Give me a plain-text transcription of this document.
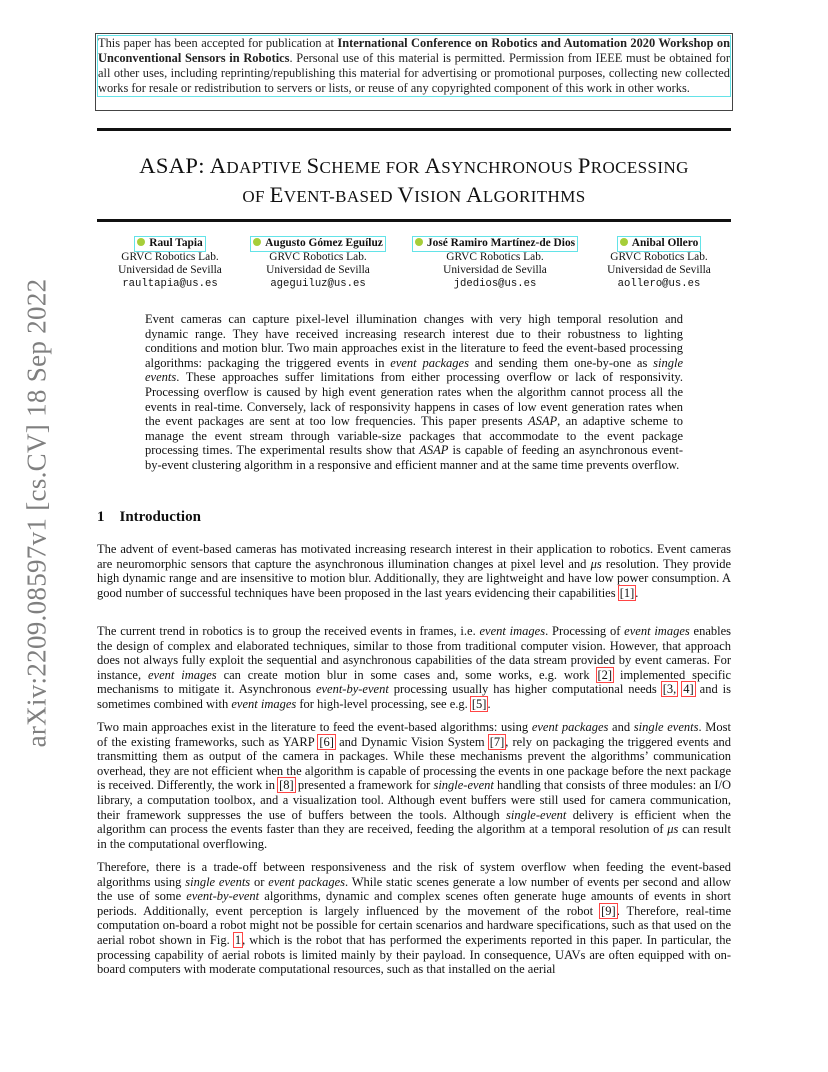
arXiv:2209.08597v1 [cs.CV] 18 Sep 2022
This paper has been accepted for publication at International Conference on Robotics and Automation 2020 Workshop on Unconventional Sensors in Robotics. Personal use of this material is permitted. Permission from IEEE must be obtained for all other uses, including reprinting/republishing this material for advertising or promotional purposes, collecting new collected works for resale or redistribution to servers or lists, or reuse of any copyrighted component of this work in other works.
ASAP: ADAPTIVE SCHEME FOR ASYNCHRONOUS PROCESSING
OF EVENT-BASED VISION ALGORITHMS
Raul Tapia
GRVC Robotics Lab.
Universidad de Sevilla
raultapia@us.es
Augusto Gómez Eguíluz
GRVC Robotics Lab.
Universidad de Sevilla
ageguiluz@us.es
José Ramiro Martínez-de Dios
GRVC Robotics Lab.
Universidad de Sevilla
jdedios@us.es
Anibal Ollero
GRVC Robotics Lab.
Universidad de Sevilla
aollero@us.es
Event cameras can capture pixel-level illumination changes with very high temporal resolution and dynamic range. They have received increasing research interest due to their robustness to lighting conditions and motion blur. Two main approaches exist in the literature to feed the event-based processing algorithms: packaging the triggered events in event packages and sending them one-by-one as single events. These approaches suffer limitations from either processing overflow or lack of responsivity. Processing overflow is caused by high event generation rates when the algorithm cannot process all the events in real-time. Conversely, lack of responsivity happens in cases of low event generation rates when the event packages are sent at too low frequencies. This paper presents ASAP, an adaptive scheme to manage the event stream through variable-size packages that accommodate to the event package processing times. The experimental results show that ASAP is capable of feeding an asynchronous event-by-event clustering algorithm in a responsive and efficient manner and at the same time prevents overflow.
1 Introduction
The advent of event-based cameras has motivated increasing research interest in their application to robotics. Event cameras are neuromorphic sensors that capture the asynchronous illumination changes at pixel level and μs resolution. They provide high dynamic range and are insensitive to motion blur. Additionally, they are lightweight and have low power consumption. A good number of successful techniques have been proposed in the last years evidencing their capabilities [1].
The current trend in robotics is to group the received events in frames, i.e. event images. Processing of event images enables the design of complex and elaborated techniques, similar to those from traditional computer vision. However, that approach does not always fully exploit the sequential and asynchronous capabilities of the data stream provided by event cameras. For instance, event images can create motion blur in some cases and, some works, e.g. work [2] implemented specific mechanisms to mitigate it. Asynchronous event-by-event processing usually has higher computational needs [3, 4] and is sometimes combined with event images for high-level processing, see e.g. [5].
Two main approaches exist in the literature to feed the event-based algorithms: using event packages and single events. Most of the existing frameworks, such as YARP [6] and Dynamic Vision System [7], rely on packaging the triggered events and transmitting them as output of the camera in packages. While these mechanisms prevent the algorithms’ communication overhead, they are not efficient when the algorithm is capable of processing the events in one package before the next package is received. Differently, the work in [8] presented a framework for single-event handling that consists of three modules: an I/O library, a computation toolbox, and a visualization tool. Although event buffers were still used for camera communication, their framework suppresses the use of buffers between the tools. Although single-event delivery is efficient when the algorithm can process the events faster than they are received, feeding the algorithm at a temporal resolution of μs can result in the computational overflowing.
Therefore, there is a trade-off between responsiveness and the risk of system overflow when feeding the event-based algorithms using single events or event packages. While static scenes generate a low number of events per second and allow the use of some event-by-event algorithms, dynamic and complex scenes often generate huge amounts of events in short periods. Additionally, event perception is largely influenced by the movement of the robot [9]. Therefore, real-time computation on-board a robot might not be possible for certain scenarios and hardware specifications, such as that used on the aerial robot shown in Fig. 1, which is the robot that has performed the experiments reported in this paper. In particular, the processing capability of aerial robots is limited mainly by their payload. In consequence, UAVs are often equipped with on-board computers with moderate computational resources, such as that installed on the aerial
